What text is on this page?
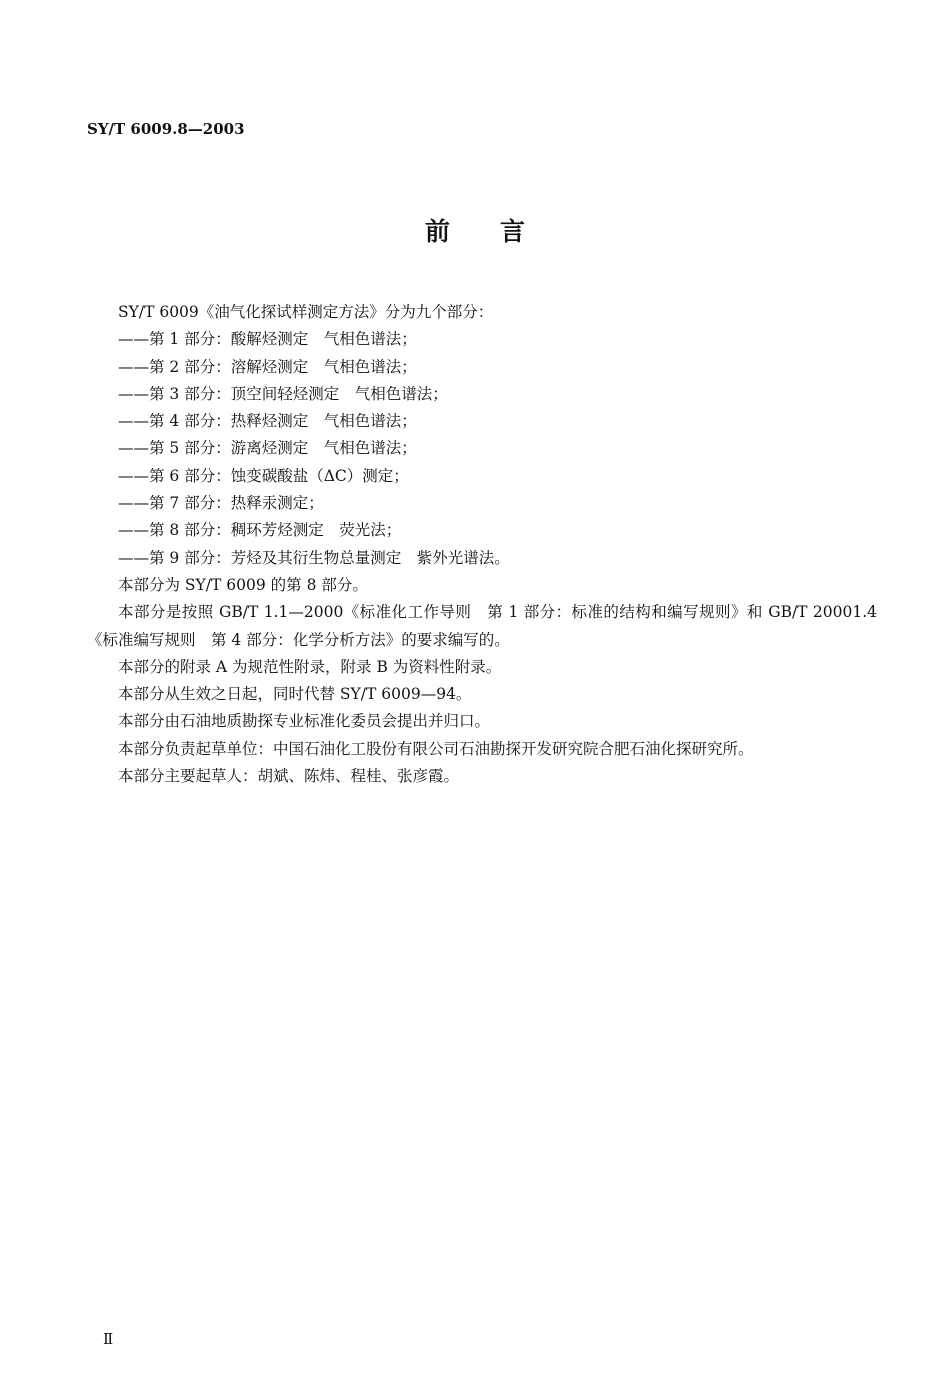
SY/T 6009.8—2003
前 言

SY/T 6009《油气化探试样测定方法》分为九个部分：

——第 1 部分：酸解烃测定　气相色谱法；

——第 2 部分：溶解烃测定　气相色谱法；

——第 3 部分：顶空间轻烃测定　气相色谱法；

——第 4 部分：热释烃测定　气相色谱法；

——第 5 部分：游离烃测定　气相色谱法；

——第 6 部分：蚀变碳酸盐（ΔC）测定；

——第 7 部分：热释汞测定；

——第 8 部分：稠环芳烃测定　荧光法；

——第 9 部分：芳烃及其衍生物总量测定　紫外光谱法。

本部分为 SY/T 6009 的第 8 部分。

本部分是按照 GB/T 1.1—2000《标准化工作导则　第 1 部分：标准的结构和编写规则》和 GB/T 20001.4《标准编写规则　第 4 部分：化学分析方法》的要求编写的。

本部分的附录 A 为规范性附录，附录 B 为资料性附录。

本部分从生效之日起，同时代替 SY/T 6009—94。

本部分由石油地质勘探专业标准化委员会提出并归口。

本部分负责起草单位：中国石油化工股份有限公司石油勘探开发研究院合肥石油化探研究所。

本部分主要起草人：胡斌、陈炜、程桂、张彦霞。

Ⅱ
